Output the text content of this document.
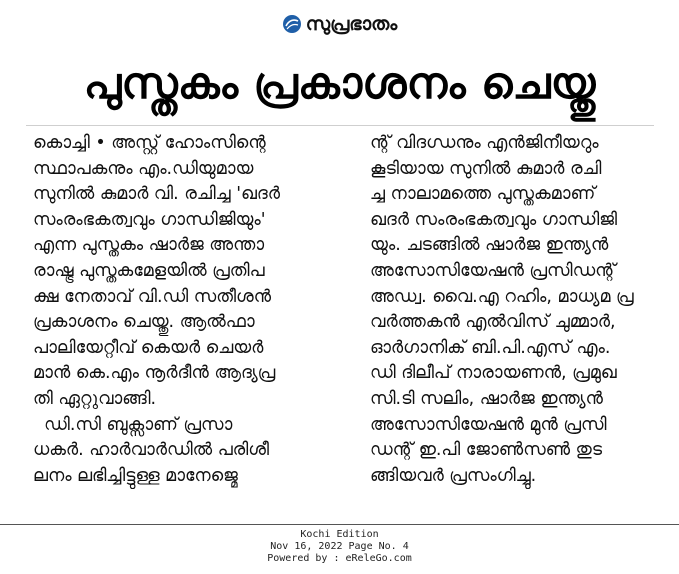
സുപ്രഭാതം
പുസ്തകം പ്രകാശനം ചെയ്തു
കൊച്ചി • അസ്റ്റ് ഹോംസിന്റെ
സ്ഥാപകനും എം.ഡിയുമായ
സുനിൽ കുമാർ വി. രചിച്ച 'ഖദർ
സംരംഭകത്വവും ഗാന്ധിജിയും'
എന്ന പുസ്തകം ഷാർജ അന്താ
രാഷ്ട്ര പുസ്തകമേളയിൽ പ്രതിപ
ക്ഷ നേതാവ് വി.ഡി സതീശൻ
പ്രകാശനം ചെയ്തു. ആൽഫാ
പാലിയേറ്റീവ് കെയർ ചെയർ
മാൻ കെ.എം നൂർദീൻ ആദ്യപ്ര
തി ഏറ്റുവാങ്ങി.
ഡി.സി ബുക്സാണ് പ്രസാ
ധകർ. ഹാർവാർഡിൽ പരിശീ
ലനം ലഭിച്ചിട്ടുള്ള മാനേജ്മെ
ന്റ് വിദഗ്ധനും എൻജിനീയറും
കൂടിയായ സുനിൽ കുമാർ രചി
ച്ച നാലാമത്തെ പുസ്തകമാണ്
ഖദർ സംരംഭകത്വവും ഗാന്ധിജി
യും. ചടങ്ങിൽ ഷാർജ ഇന്ത്യൻ
അസോസിയേഷൻ പ്രസിഡന്റ്
അഡ്വ. വൈ.എ റഹിം, മാധ്യമ പ്ര
വർത്തകൻ എൽവിസ് ചുമ്മാർ,
ഓർഗാനിക് ബി.പി.എസ് എം.
ഡി ദിലീപ് നാരായണൻ, പ്രമുഖ
സി.ടി സലിം, ഷാർജ ഇന്ത്യൻ
അസോസിയേഷൻ മുൻ പ്രസി
ഡന്റ് ഇ.പി ജോൺസൺ തുട
ങ്ങിയവർ പ്രസംഗിച്ചു.
Kochi Edition
Nov 16, 2022 Page No. 4
Powered by : eReleGo.com
